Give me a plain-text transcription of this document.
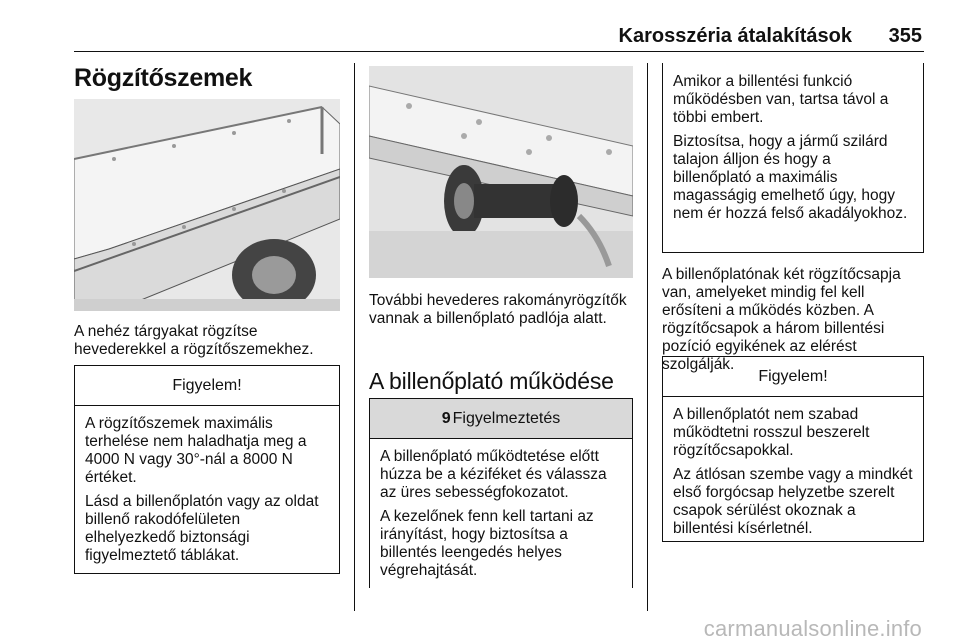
Karosszéria átalakítások 355
Rögzítőszemek

A nehéz tárgyakat rögzítse hevederekkel a rögzítőszemekhez.

Figyelem!

A rögzítőszemek maximális terhelése nem haladhatja meg a 4000 N vagy 30°-nál a 8000 N értéket.

Lásd a billenőplatón vagy az oldat billenő rakodófelületen elhelyezkedő biztonsági figyelmeztető táblákat.

További hevederes rakományrögzítők vannak a billenőplató padlója alatt.

A billenőplató működése
9 Figyelmeztetés

A billenőplató működtetése előtt húzza be a kéziféket és válassza az üres sebességfokozatot.

A kezelőnek fenn kell tartani az irányítást, hogy biztosítsa a billentés leengedés helyes végrehajtását.

Amikor a billentési funkció működésben van, tartsa távol a többi embert.

Biztosítsa, hogy a jármű szilárd talajon álljon és hogy a billenőplató a maximális magasságig emelhető úgy, hogy nem ér hozzá felső akadályokhoz.

A billenőplatónak két rögzítőcsapja van, amelyeket mindig fel kell erősíteni a működés közben. A rögzítőcsapok a három billentési pozíció egyikének az elérést szolgálják.

Figyelem!

A billenőplatót nem szabad működtetni rosszul beszerelt rögzítőcsapokkal.

Az átlósan szembe vagy a mindkét első forgócsap helyzetbe szerelt csapok sérülést okoznak a billentési kísérletnél.

carmanualsonline.info
